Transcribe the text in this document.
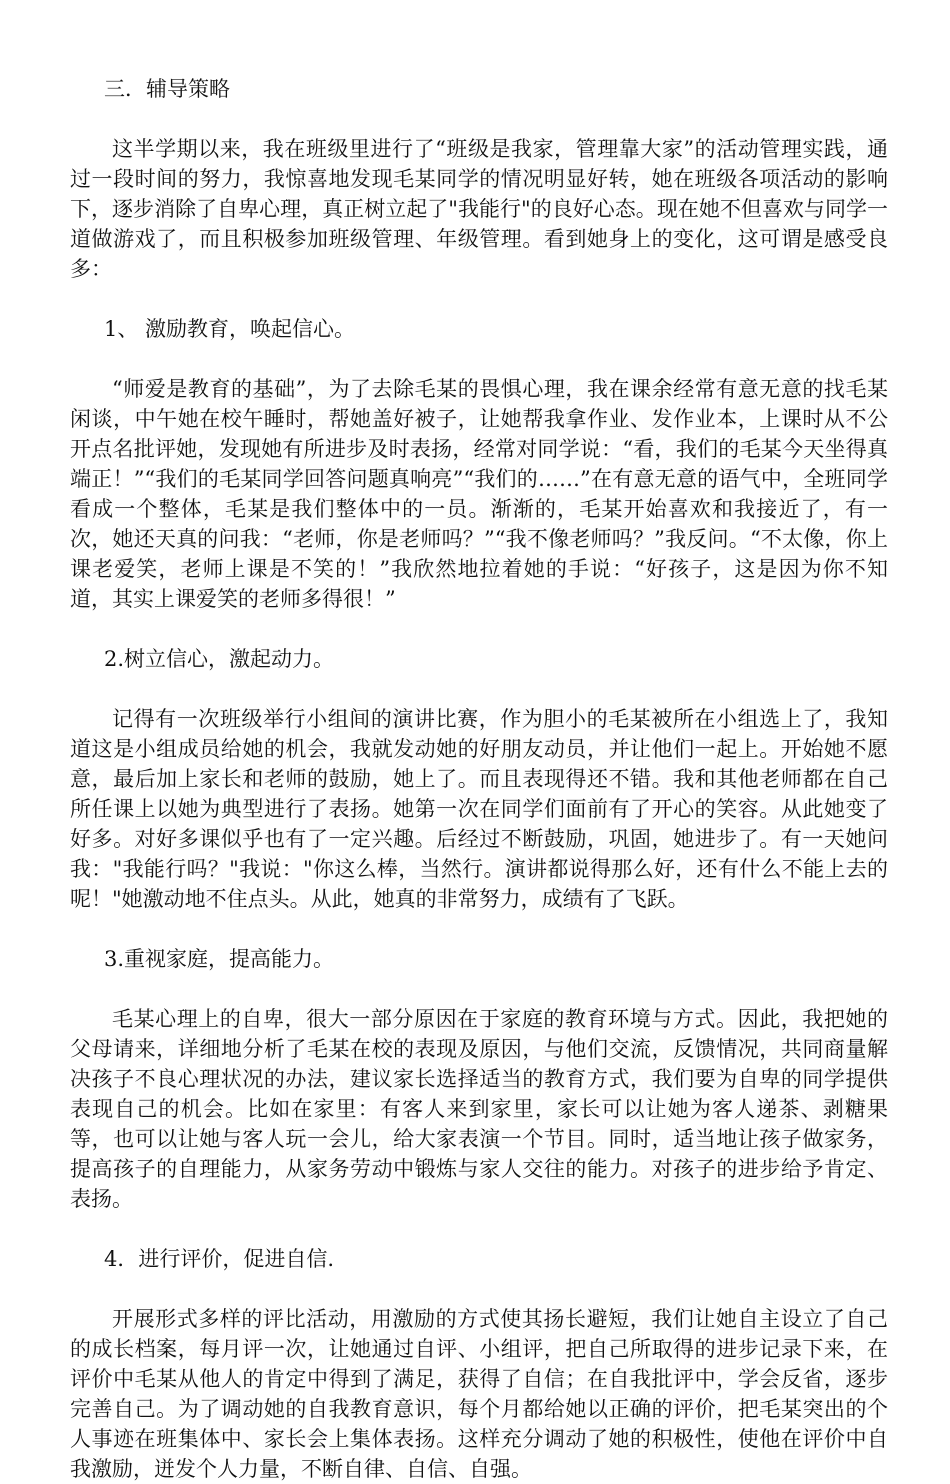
三．辅导策略

这半学期以来，我在班级里进行了“班级是我家，管理靠大家”的活动管理实践，通过一段时间的努力，我惊喜地发现毛某同学的情况明显好转，她在班级各项活动的影响下，逐步消除了自卑心理，真正树立起了"我能行"的良好心态。现在她不但喜欢与同学一道做游戏了，而且积极参加班级管理、年级管理。看到她身上的变化，这可谓是感受良多：

1、 激励教育，唤起信心。

“师爱是教育的基础”，为了去除毛某的畏惧心理，我在课余经常有意无意的找毛某闲谈，中午她在校午睡时，帮她盖好被子，让她帮我拿作业、发作业本，上课时从不公开点名批评她，发现她有所进步及时表扬，经常对同学说：“看，我们的毛某今天坐得真端正！”“我们的毛某同学回答问题真响亮”“我们的……”在有意无意的语气中，全班同学看成一个整体，毛某是我们整体中的一员。渐渐的，毛某开始喜欢和我接近了，有一次，她还天真的问我：“老师，你是老师吗？”“我不像老师吗？”我反问。“不太像，你上课老爱笑，老师上课是不笑的！”我欣然地拉着她的手说：“好孩子，这是因为你不知道，其实上课爱笑的老师多得很！”

2.树立信心，激起动力。

记得有一次班级举行小组间的演讲比赛，作为胆小的毛某被所在小组选上了，我知道这是小组成员给她的机会，我就发动她的好朋友动员，并让他们一起上。开始她不愿意，最后加上家长和老师的鼓励，她上了。而且表现得还不错。我和其他老师都在自己所任课上以她为典型进行了表扬。她第一次在同学们面前有了开心的笑容。从此她变了好多。对好多课似乎也有了一定兴趣。后经过不断鼓励，巩固，她进步了。有一天她问我："我能行吗？"我说："你这么棒，当然行。演讲都说得那么好，还有什么不能上去的呢！"她激动地不住点头。从此，她真的非常努力，成绩有了飞跃。

3.重视家庭，提高能力。

毛某心理上的自卑，很大一部分原因在于家庭的教育环境与方式。因此，我把她的父母请来，详细地分析了毛某在校的表现及原因，与他们交流，反馈情况，共同商量解决孩子不良心理状况的办法，建议家长选择适当的教育方式，我们要为自卑的同学提供表现自己的机会。比如在家里：有客人来到家里，家长可以让她为客人递茶、剥糖果等，也可以让她与客人玩一会儿，给大家表演一个节目。同时，适当地让孩子做家务，提高孩子的自理能力，从家务劳动中锻炼与家人交往的能力。对孩子的进步给予肯定、表扬。

4．进行评价，促进自信.

开展形式多样的评比活动，用激励的方式使其扬长避短，我们让她自主设立了自己的成长档案，每月评一次，让她通过自评、小组评，把自己所取得的进步记录下来，在评价中毛某从他人的肯定中得到了满足，获得了自信；在自我批评中，学会反省，逐步完善自己。为了调动她的自我教育意识，每个月都给她以正确的评价，把毛某突出的个人事迹在班集体中、家长会上集体表扬。这样充分调动了她的积极性，使他在评价中自我激励，迸发个人力量，不断自律、自信、自强。
